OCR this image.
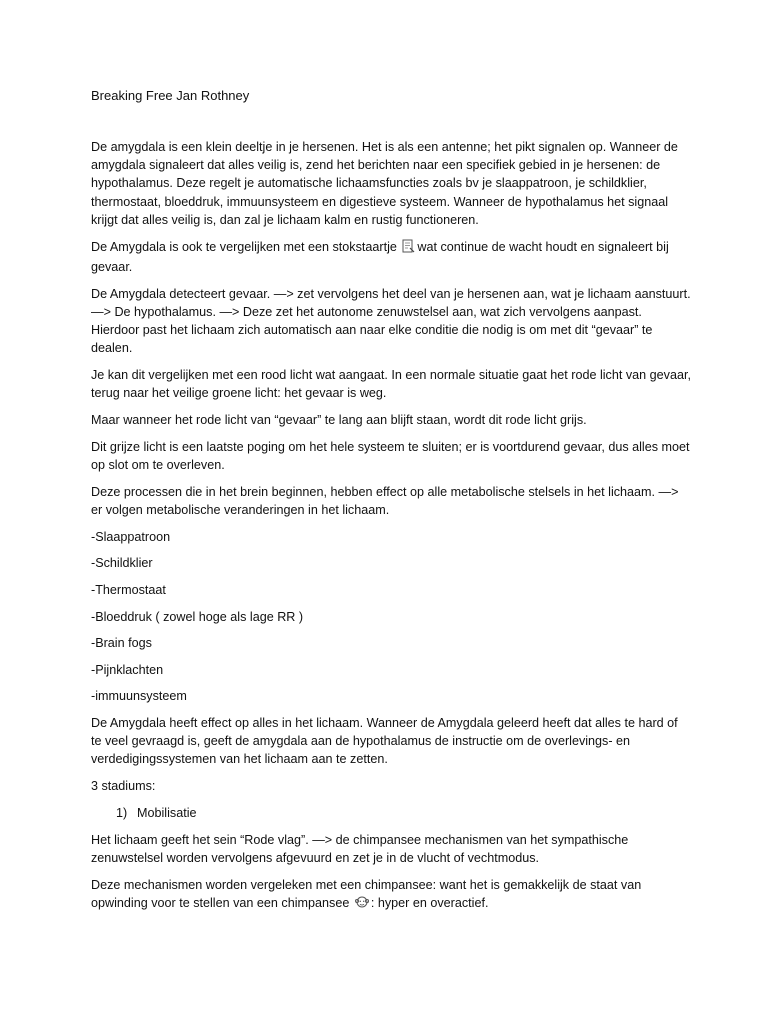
Breaking Free Jan Rothney

De amygdala is een klein deeltje in je hersenen. Het is als een antenne; het pikt signalen op. Wanneer de amygdala signaleert dat alles veilig is, zend het berichten naar een specifiek gebied in je hersenen: de hypothalamus. Deze regelt je automatische lichaamsfuncties zoals bv je slaappatroon, je schildklier, thermostaat, bloeddruk, immuunsysteem en digestieve systeem. Wanneer de hypothalamus het signaal krijgt dat alles veilig is, dan zal je lichaam kalm en rustig functioneren.

De Amygdala is ook te vergelijken met een stokstaartje wat continue de wacht houdt en signaleert bij gevaar.

De Amygdala detecteert gevaar. —> zet vervolgens het deel van je hersenen aan, wat je lichaam aanstuurt. —> De hypothalamus. —> Deze zet het autonome zenuwstelsel aan, wat zich vervolgens aanpast. Hierdoor past het lichaam zich automatisch aan naar elke conditie die nodig is om met dit “gevaar” te dealen.

Je kan dit vergelijken met een rood licht wat aangaat. In een normale situatie gaat het rode licht van gevaar, terug naar het veilige groene licht: het gevaar is weg.

Maar wanneer het rode licht van “gevaar” te lang aan blijft staan, wordt dit rode licht grijs.

Dit grijze licht is een laatste poging om het hele systeem te sluiten; er is voortdurend gevaar, dus alles moet op slot om te overleven.

Deze processen die in het brein beginnen, hebben effect op alle metabolische stelsels in het lichaam. —> er volgen metabolische veranderingen in het lichaam.

-Slaappatroon
-Schildklier
-Thermostaat
-Bloeddruk ( zowel hoge als lage RR )
-Brain fogs
-Pijnklachten
-immuunsysteem

De Amygdala heeft effect op alles in het lichaam. Wanneer de Amygdala geleerd heeft dat alles te hard of te veel gevraagd is, geeft de amygdala aan de hypothalamus de instructie om de overlevings- en verdedigingssystemen van het lichaam aan te zetten.

3 stadiums:

1) Mobilisatie

Het lichaam geeft het sein “Rode vlag”. —> de chimpansee mechanismen van het sympathische zenuwstelsel worden vervolgens afgevuurd en zet je in de vlucht of vechtmodus.

Deze mechanismen worden vergeleken met een chimpansee: want het is gemakkelijk de staat van opwinding voor te stellen van een chimpansee : hyper en overactief.
